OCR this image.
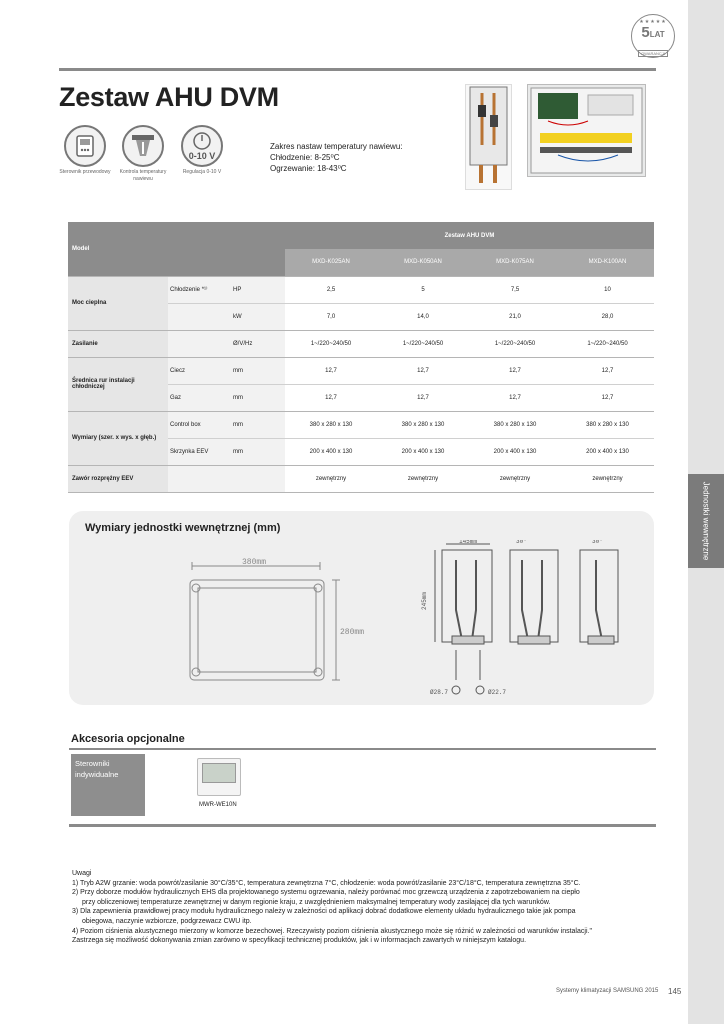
Jednostki wewnętrzne
★★★★★
5LAT
GWARANCJI
Zestaw AHU DVM
Sterownik przewodowy	Kontrola temperatury nawiewu
0-10 V
Regulacja 0-10 V
Zakres nastaw temperatury nawiewu:
Chłodzenie: 8-25⁰C
Ogrzewanie: 18-43⁰C
Model			Zestaw AHU DVM			
			MXD-K025AN	MXD-K050AN	MXD-K075AN	MXD-K100AN
Moc cieplna	Chłodzenie *¹⁾	HP	2,5	5	7,5	10
		kW	7,0	14,0	21,0	28,0
Zasilanie		Ø/V/Hz	1~/220~240/50	1~/220~240/50	1~/220~240/50	1~/220~240/50
Średnica rur instalacji chłodniczej	Ciecz	mm	12,7	12,7	12,7	12,7
	Gaz	mm	12,7	12,7	12,7	12,7
Wymiary (szer. x wys. x głęb.)	Control box	mm	380 x 280 x 130	380 x 280 x 130	380 x 280 x 130	380 x 280 x 130
	Skrzynka EEV	mm	200 x 400 x 130	200 x 400 x 130	200 x 400 x 130	200 x 400 x 130
Zawór rozprężny EEV			zewnętrzny	zewnętrzny	zewnętrzny	zewnętrzny
Wymiary jednostki wewnętrznej (mm)
380mm
280mm
145mm
245mm
Ø28.7	Ø22.7
30°	30°
Akcesoria opcjonalne
Sterowniki indywidualne
MWR-WE10N
Uwagi
1) Tryb A2W grzanie: woda powrót/zasilanie 30°C/35°C, temperatura zewnętrzna 7°C, chłodzenie: woda powrót/zasilanie 23°C/18°C, temperatura zewnętrzna 35°C.
2) Przy doborze modułów hydraulicznych EHS dla projektowanego systemu ogrzewania, należy porównać moc grzewczą urządzenia z zapotrzebowaniem na ciepło
przy obliczeniowej temperaturze zewnętrznej w danym regionie kraju, z uwzględnieniem maksymalnej temperatury wody zasilającej dla tych warunków.
3) Dla zapewnienia prawidłowej pracy modułu hydraulicznego należy w zależności od aplikacji dobrać dodatkowe elementy układu hydraulicznego takie jak pompa
obiegowa, naczynie wzbiorcze, podgrzewacz CWU itp.
4) Poziom ciśnienia akustycznego mierzony w komorze bezechowej. Rzeczywisty poziom ciśnienia akustycznego może się różnić w zależności od warunków instalacji."
Zastrzega się możliwość dokonywania zmian zarówno w specyfikacji technicznej produktów, jak i w informacjach zawartych w niniejszym katalogu.
Systemy klimatyzacji SAMSUNG 2015 145
